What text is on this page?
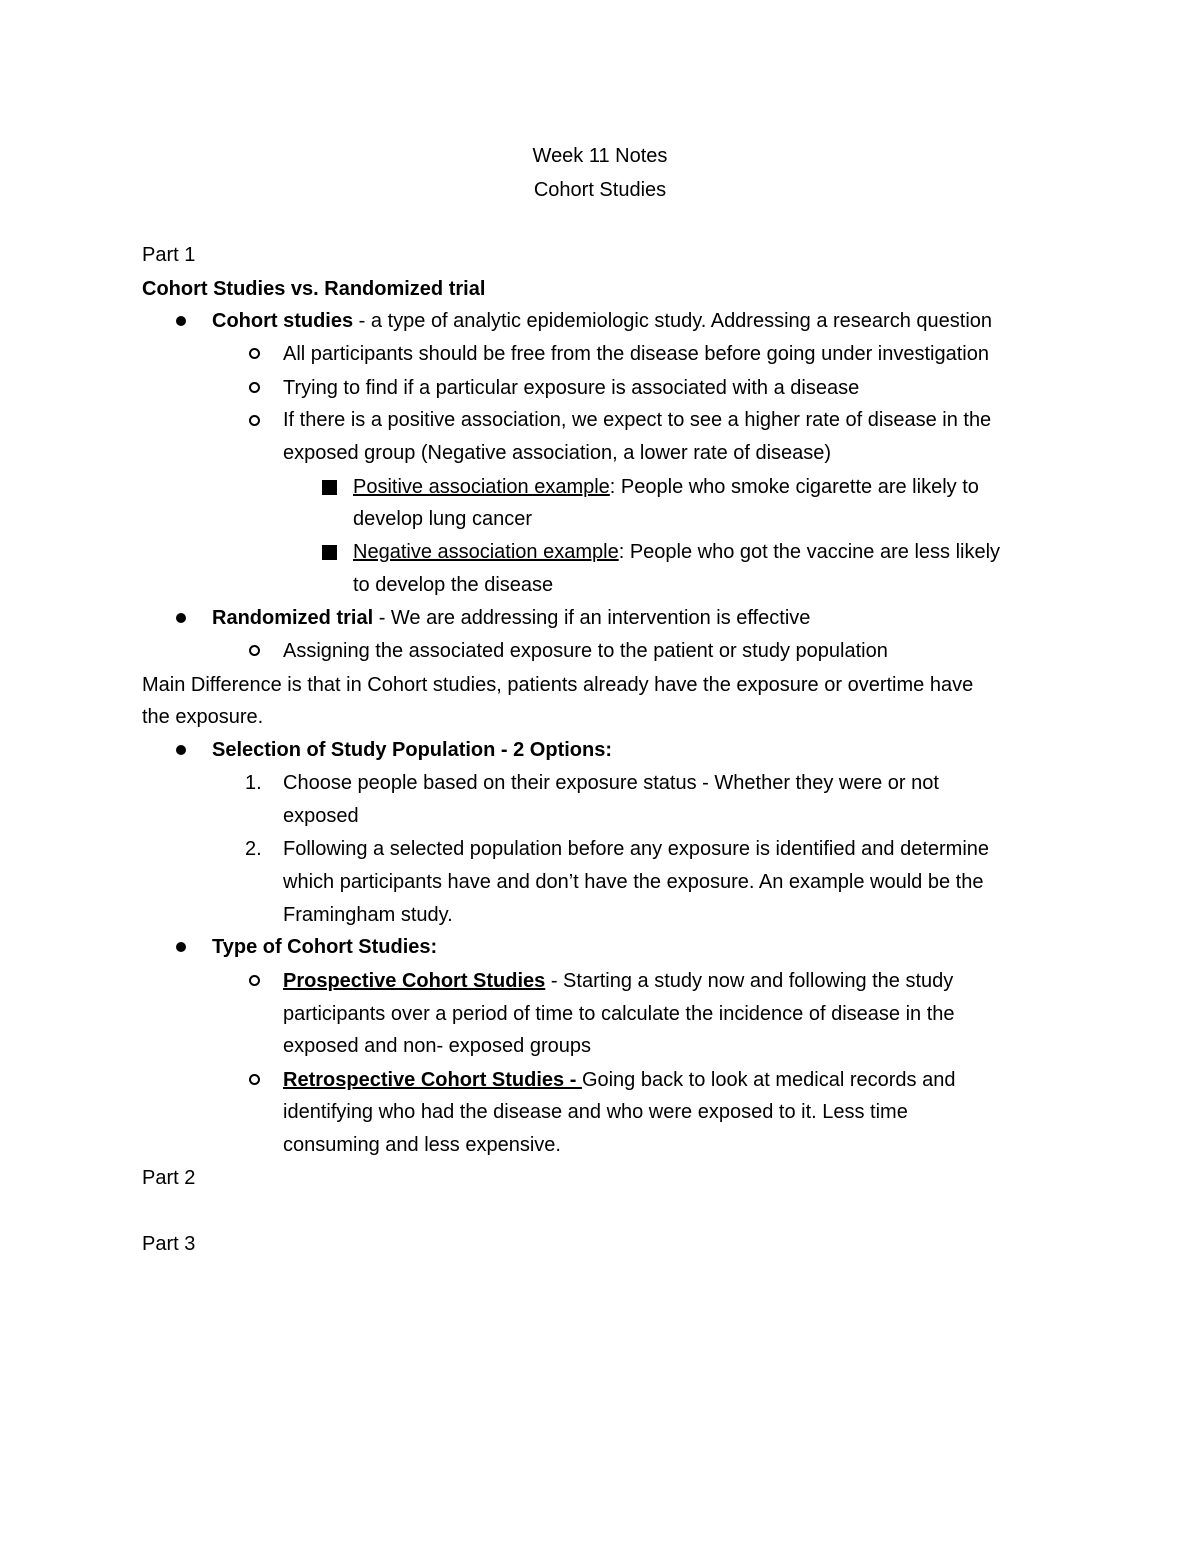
Week 11 Notes
Cohort Studies
Part 1
Cohort Studies vs. Randomized trial
Cohort studies - a type of analytic epidemiologic study. Addressing a research question
All participants should be free from the disease before going under investigation
Trying to find if a particular exposure is associated with a disease
If there is a positive association, we expect to see a higher rate of disease in the
exposed group (Negative association, a lower rate of disease)
Positive association example: People who smoke cigarette are likely to
develop lung cancer
Negative association example: People who got the vaccine are less likely
to develop the disease
Randomized trial - We are addressing if an intervention is effective
Assigning the associated exposure to the patient or study population
Main Difference is that in Cohort studies, patients already have the exposure or overtime have
the exposure.
Selection of Study Population - 2 Options:
1. Choose people based on their exposure status - Whether they were or not
exposed
2. Following a selected population before any exposure is identified and determine
which participants have and don’t have the exposure. An example would be the
Framingham study.
Type of Cohort Studies:
Prospective Cohort Studies - Starting a study now and following the study
participants over a period of time to calculate the incidence of disease in the
exposed and non- exposed groups
Retrospective Cohort Studies - Going back to look at medical records and
identifying who had the disease and who were exposed to it. Less time
consuming and less expensive.
Part 2
Part 3
